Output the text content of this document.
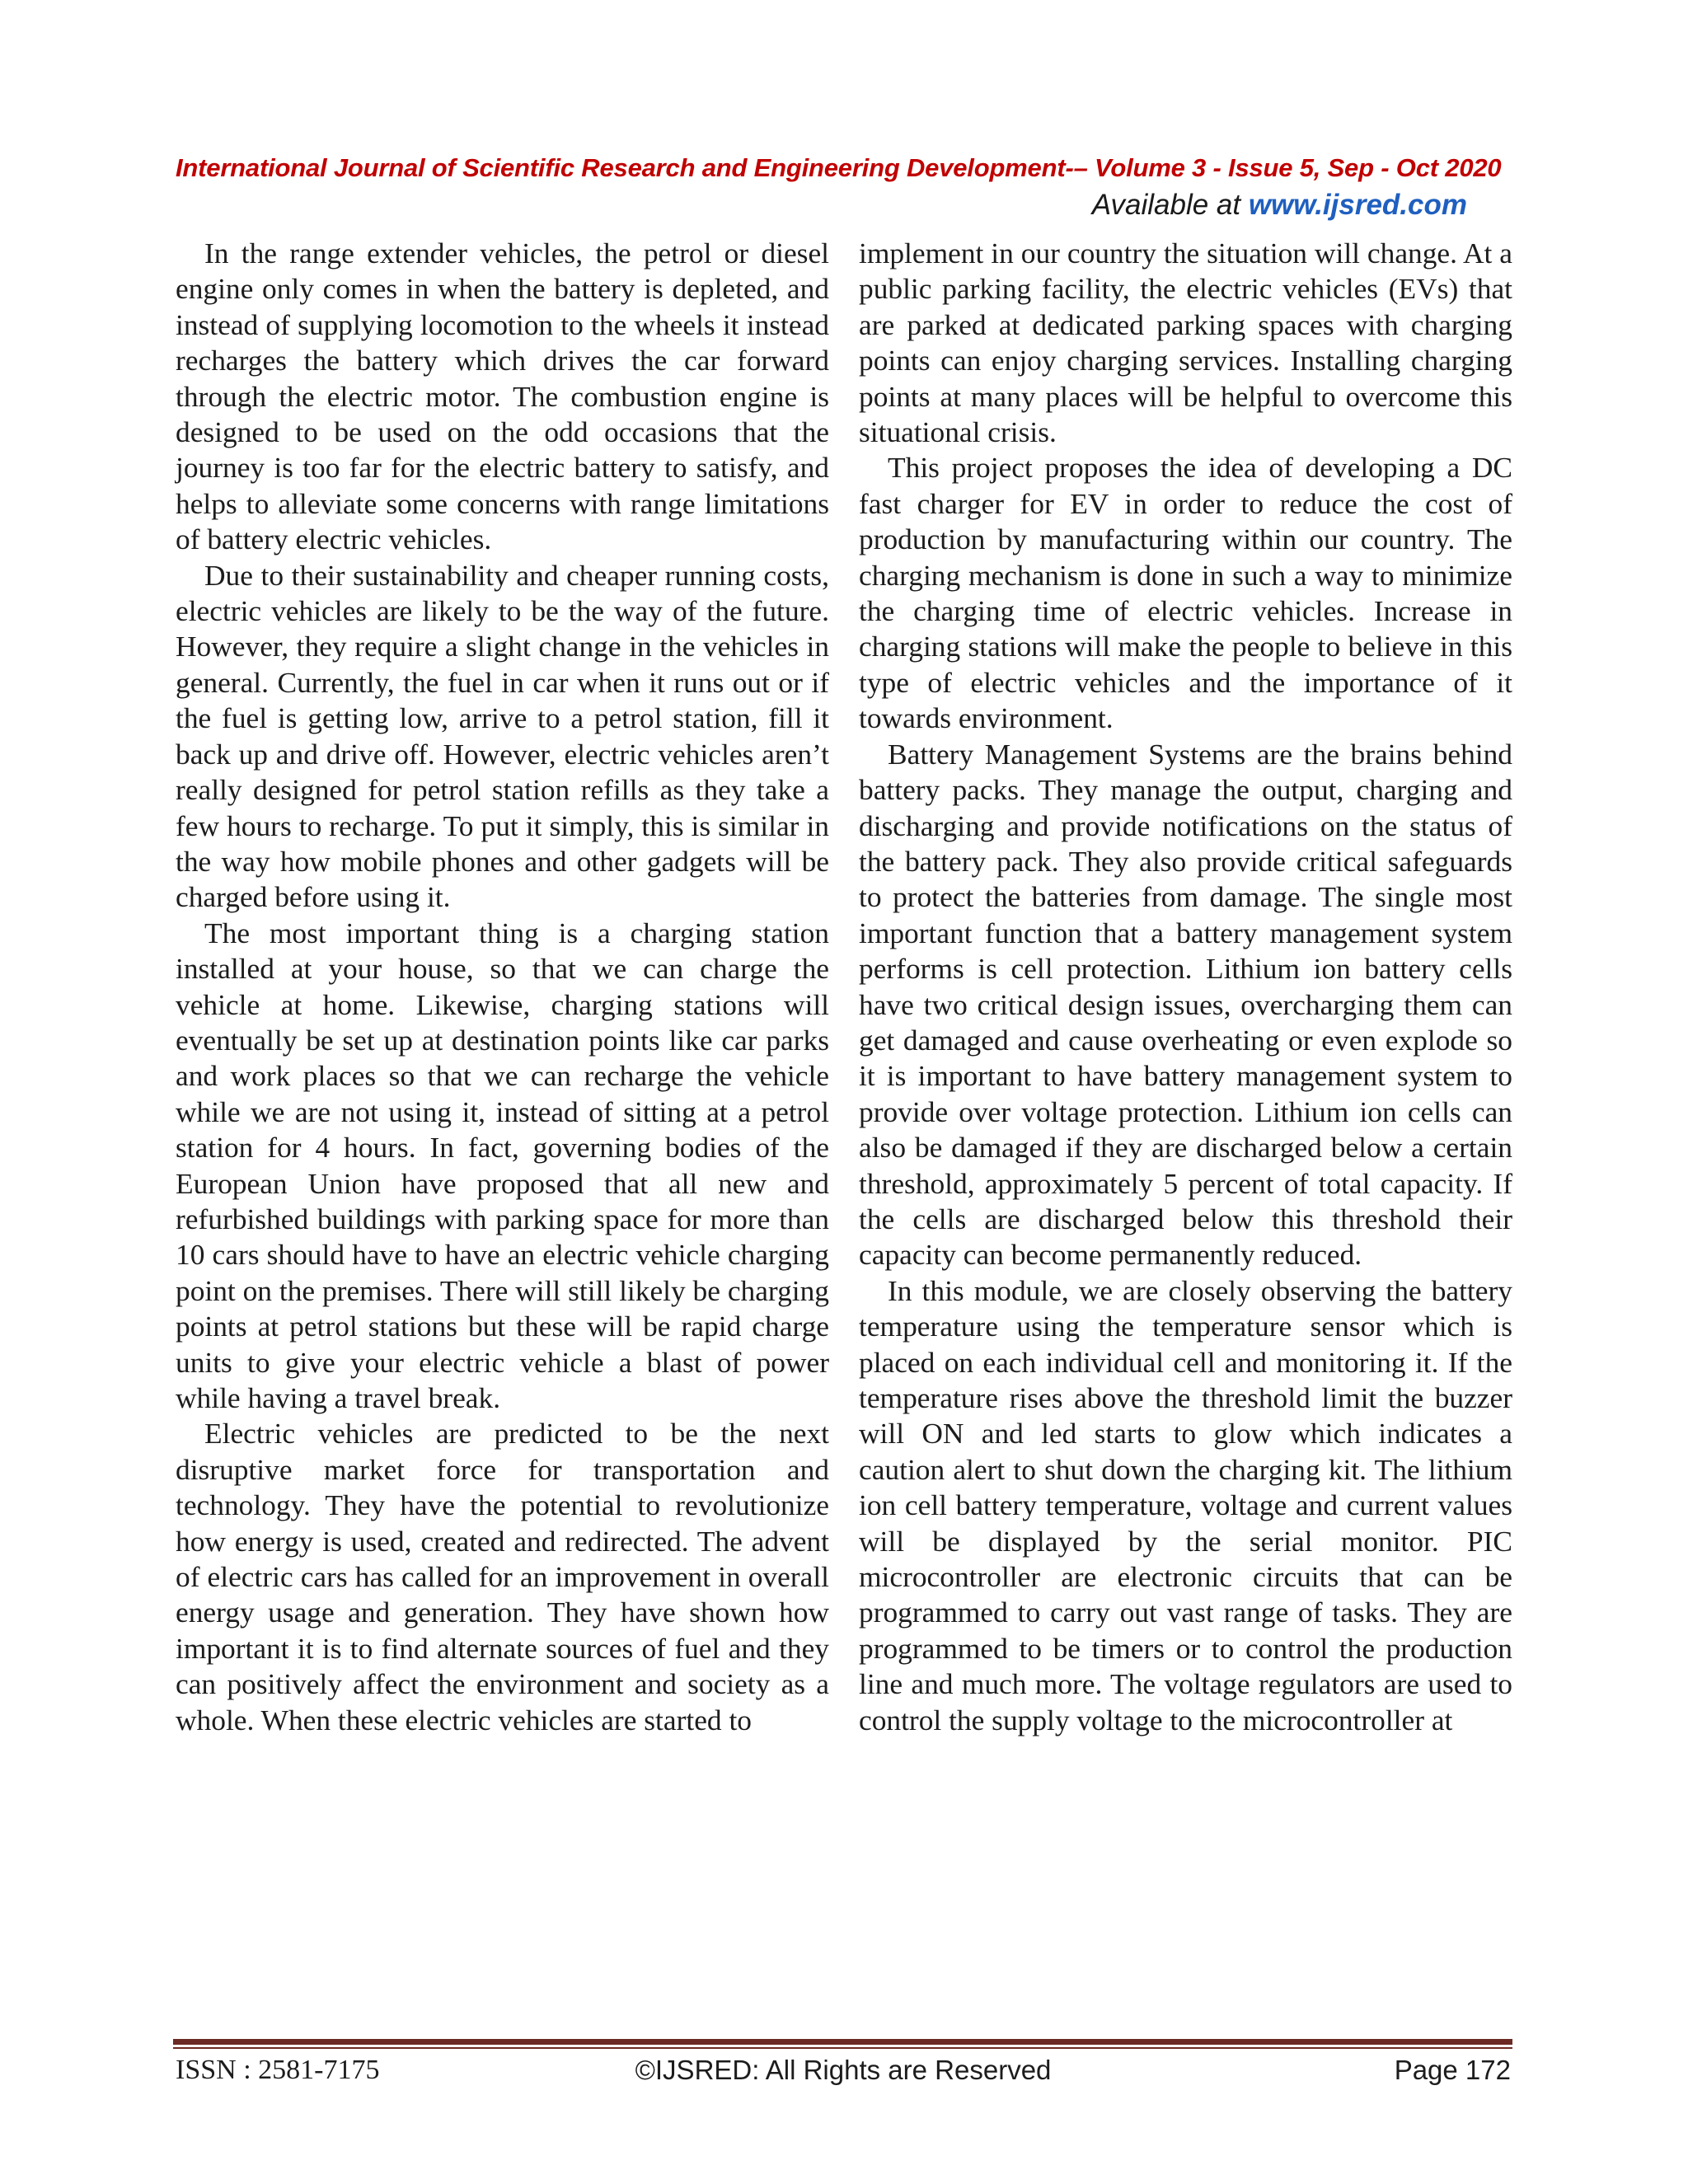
International Journal of Scientific Research and Engineering Development-– Volume 3 - Issue 5, Sep - Oct 2020
Available at www.ijsred.com

In the range extender vehicles, the petrol or diesel engine only comes in when the battery is depleted, and instead of supplying locomotion to the wheels it instead recharges the battery which drives the car forward through the electric motor. The combustion engine is designed to be used on the odd occasions that the journey is too far for the electric battery to satisfy, and helps to alleviate some concerns with range limitations of battery electric vehicles.

Due to their sustainability and cheaper running costs, electric vehicles are likely to be the way of the future. However, they require a slight change in the vehicles in general. Currently, the fuel in car when it runs out or if the fuel is getting low, arrive to a petrol station, fill it back up and drive off. However, electric vehicles aren’t really designed for petrol station refills as they take a few hours to recharge. To put it simply, this is similar in the way how mobile phones and other gadgets will be charged before using it.

The most important thing is a charging station installed at your house, so that we can charge the vehicle at home. Likewise, charging stations will eventually be set up at destination points like car parks and work places so that we can recharge the vehicle while we are not using it, instead of sitting at a petrol station for 4 hours. In fact, governing bodies of the European Union have proposed that all new and refurbished buildings with parking space for more than 10 cars should have to have an electric vehicle charging point on the premises. There will still likely be charging points at petrol stations but these will be rapid charge units to give your electric vehicle a blast of power while having a travel break.

Electric vehicles are predicted to be the next disruptive market force for transportation and technology. They have the potential to revolutionize how energy is used, created and redirected. The advent of electric cars has called for an improvement in overall energy usage and generation. They have shown how important it is to find alternate sources of fuel and they can positively affect the environment and society as a whole. When these electric vehicles are started to

implement in our country the situation will change. At a public parking facility, the electric vehicles (EVs) that are parked at dedicated parking spaces with charging points can enjoy charging services. Installing charging points at many places will be helpful to overcome this situational crisis.

This project proposes the idea of developing a DC fast charger for EV in order to reduce the cost of production by manufacturing within our country. The charging mechanism is done in such a way to minimize the charging time of electric vehicles. Increase in charging stations will make the people to believe in this type of electric vehicles and the importance of it towards environment.

Battery Management Systems are the brains behind battery packs. They manage the output, charging and discharging and provide notifications on the status of the battery pack. They also provide critical safeguards to protect the batteries from damage. The single most important function that a battery management system performs is cell protection. Lithium ion battery cells have two critical design issues, overcharging them can get damaged and cause overheating or even explode so it is important to have battery management system to provide over voltage protection. Lithium ion cells can also be damaged if they are discharged below a certain threshold, approximately 5 percent of total capacity. If the cells are discharged below this threshold their capacity can become permanently reduced.

In this module, we are closely observing the battery temperature using the temperature sensor which is placed on each individual cell and monitoring it. If the temperature rises above the threshold limit the buzzer will ON and led starts to glow which indicates a caution alert to shut down the charging kit. The lithium ion cell battery temperature, voltage and current values will be displayed by the serial monitor. PIC microcontroller are electronic circuits that can be programmed to carry out vast range of tasks. They are programmed to be timers or to control the production line and much more. The voltage regulators are used to control the supply voltage to the microcontroller at

ISSN : 2581-7175	©IJSRED: All Rights are Reserved	Page 172
